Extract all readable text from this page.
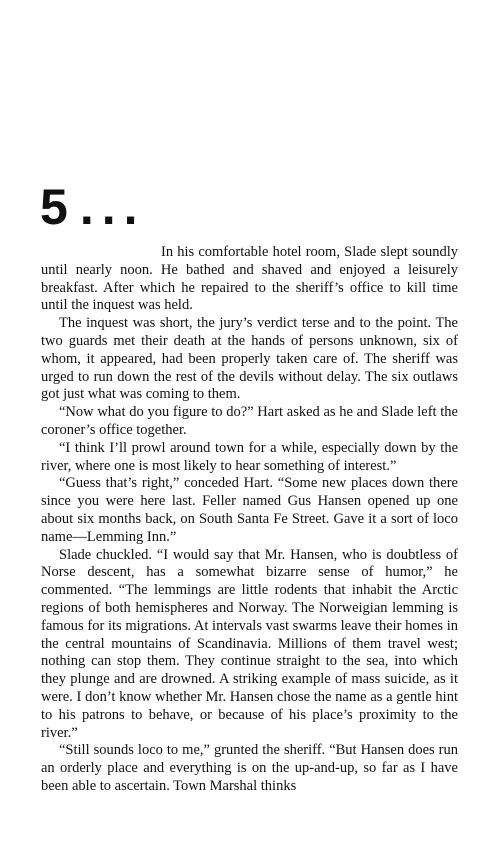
5 ...

In his comfortable hotel room, Slade slept soundly until nearly noon. He bathed and shaved and enjoyed a leisurely breakfast. After which he repaired to the sheriff’s office to kill time until the inquest was held.

The inquest was short, the jury’s verdict terse and to the point. The two guards met their death at the hands of persons unknown, six of whom, it appeared, had been properly taken care of. The sheriff was urged to run down the rest of the devils without delay. The six outlaws got just what was coming to them.

“Now what do you figure to do?” Hart asked as he and Slade left the coroner’s office together.

“I think I’ll prowl around town for a while, especially down by the river, where one is most likely to hear something of interest.”

“Guess that’s right,” conceded Hart. “Some new places down there since you were here last. Feller named Gus Hansen opened up one about six months back, on South Santa Fe Street. Gave it a sort of loco name—Lemming Inn.”

Slade chuckled. “I would say that Mr. Hansen, who is doubtless of Norse descent, has a somewhat bizarre sense of humor,” he commented. “The lemmings are little rodents that inhabit the Arctic regions of both hemispheres and Norway. The Norweigian lemming is famous for its migrations. At intervals vast swarms leave their homes in the central mountains of Scandinavia. Millions of them travel west; nothing can stop them. They continue straight to the sea, into which they plunge and are drowned. A striking example of mass suicide, as it were. I don’t know whether Mr. Hansen chose the name as a gentle hint to his patrons to behave, or because of his place’s proximity to the river.”

“Still sounds loco to me,” grunted the sheriff. “But Hansen does run an orderly place and everything is on the up-and-up, so far as I have been able to ascertain. Town Marshal thinks
